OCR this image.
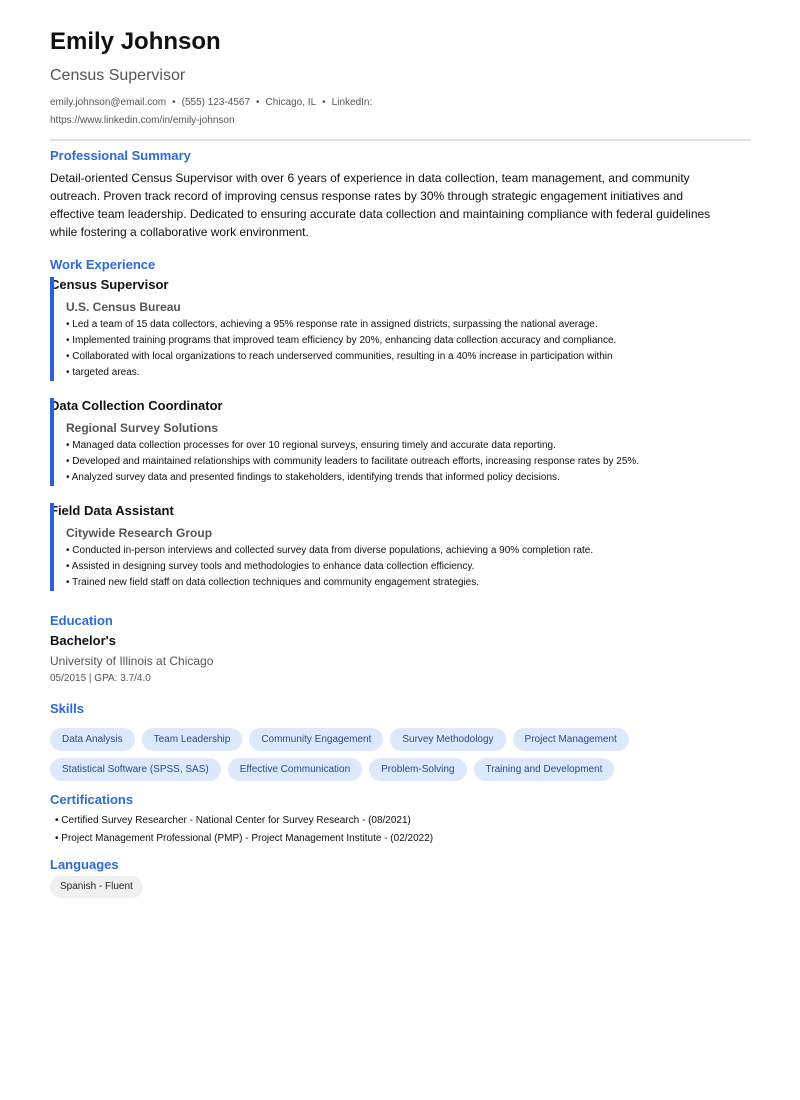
Emily Johnson
Census Supervisor
emily.johnson@email.com • (555) 123-4567 • Chicago, IL • LinkedIn:
https://www.linkedin.com/in/emily-johnson
Professional Summary
Detail-oriented Census Supervisor with over 6 years of experience in data collection, team management, and community outreach. Proven track record of improving census response rates by 30% through strategic engagement initiatives and effective team leadership. Dedicated to ensuring accurate data collection and maintaining compliance with federal guidelines while fostering a collaborative work environment.
Work Experience
Census Supervisor
U.S. Census Bureau
• Led a team of 15 data collectors, achieving a 95% response rate in assigned districts, surpassing the national average.
• Implemented training programs that improved team efficiency by 20%, enhancing data collection accuracy and compliance.
• Collaborated with local organizations to reach underserved communities, resulting in a 40% increase in participation within
• targeted areas.
Data Collection Coordinator
Regional Survey Solutions
• Managed data collection processes for over 10 regional surveys, ensuring timely and accurate data reporting.
• Developed and maintained relationships with community leaders to facilitate outreach efforts, increasing response rates by 25%.
• Analyzed survey data and presented findings to stakeholders, identifying trends that informed policy decisions.
Field Data Assistant
Citywide Research Group
• Conducted in-person interviews and collected survey data from diverse populations, achieving a 90% completion rate.
• Assisted in designing survey tools and methodologies to enhance data collection efficiency.
• Trained new field staff on data collection techniques and community engagement strategies.
Education
Bachelor's
University of Illinois at Chicago
05/2015 | GPA: 3.7/4.0
Skills
Data Analysis	Team Leadership	Community Engagement	Survey Methodology	Project Management
Statistical Software (SPSS, SAS)	Effective Communication	Problem-Solving	Training and Development
Certifications
• Certified Survey Researcher - National Center for Survey Research - (08/2021)
• Project Management Professional (PMP) - Project Management Institute - (02/2022)
Languages
Spanish - Fluent
